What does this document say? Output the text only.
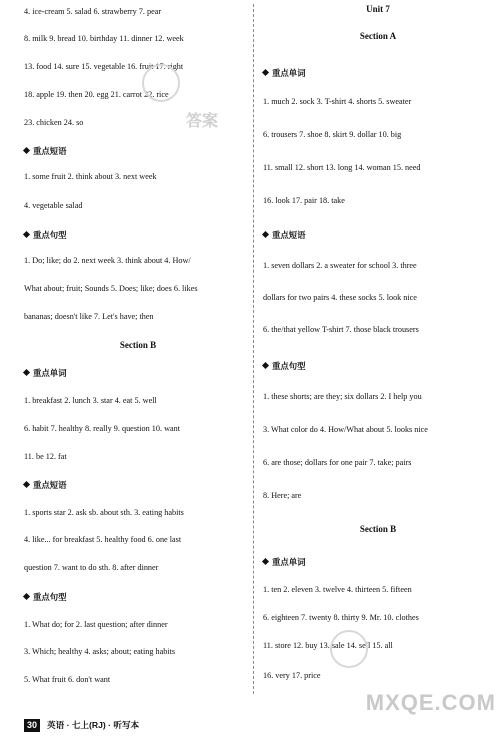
4. ice-cream 5. salad 6. strawberry 7. pear
8. milk 9. bread 10. birthday 11. dinner 12. week
13. food 14. sure 15. vegetable 16. fruit 17. right
18. apple 19. then 20. egg 21. carrot 22. rice
23. chicken 24. so
重点短语
1. some fruit 2. think about 3. next week
4. vegetable salad
重点句型
1. Do; like; do 2. next week 3. think about 4. How/
What about; fruit; Sounds 5. Does; like; does 6. likes
bananas; doesn't like 7. Let's have; then
Section B
重点单词
1. breakfast 2. lunch 3. star 4. eat 5. well
6. habit 7. healthy 8. really 9. question 10. want
11. be 12. fat
重点短语
1. sports star 2. ask sb. about sth. 3. eating habits
4. like... for breakfast 5. healthy food 6. one last
question 7. want to do sth. 8. after dinner
重点句型
1. What do; for 2. last question; after dinner
3. Which; healthy 4. asks; about; eating habits
5. What fruit 6. don't want
Unit 7
Section A
重点单词
1. much 2. sock 3. T-shirt 4. shorts 5. sweater
6. trousers 7. shoe 8. skirt 9. dollar 10. big
11. small 12. short 13. long 14. woman 15. need
16. look 17. pair 18. take
重点短语
1. seven dollars 2. a sweater for school 3. three
dollars for two pairs 4. these socks 5. look nice
6. the/that yellow T-shirt 7. those black trousers
重点句型
1. these shorts; are they; six dollars 2. I help you
3. What color do 4. How/What about 5. looks nice
6. are those; dollars for one pair 7. take; pairs
8. Here; are
Section B
重点单词
1. ten 2. eleven 3. twelve 4. thirteen 5. fifteen
6. eighteen 7. twenty 8. thirty 9. Mr. 10. clothes
11. store 12. buy 13. sale 14. sell 15. all
16. very 17. price
答案
MXQE.COM
30	英语 · 七上(RJ) · 听写本
